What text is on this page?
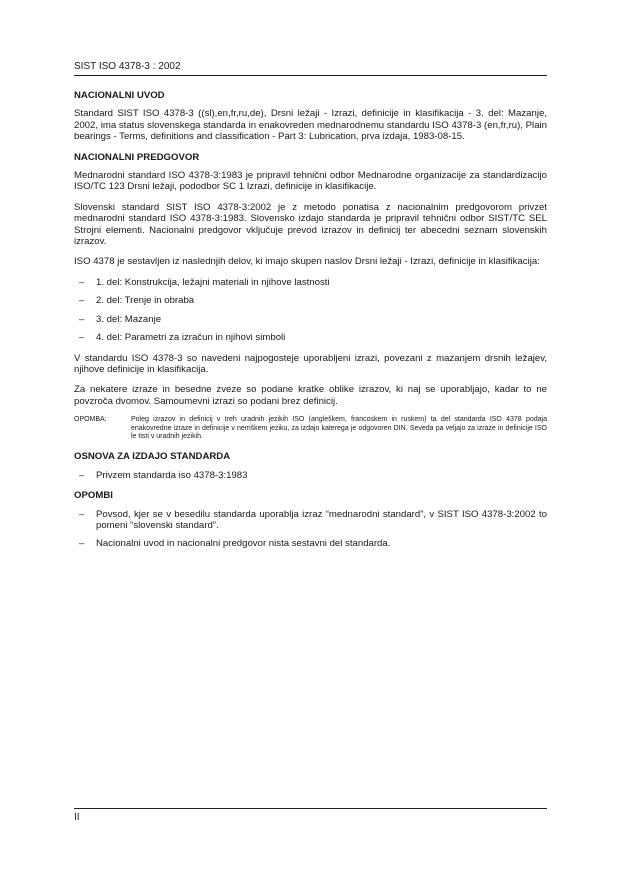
SIST ISO 4378-3 : 2002
NACIONALNI UVOD
Standard SIST ISO 4378-3 ((sl),en,fr,ru,de), Drsni ležaji - Izrazi, definicije in klasifikacija - 3. del: Mazanje, 2002, ima status slovenskega standarda in enakovreden mednarodnemu standardu ISO 4378-3 (en,fr,ru), Plain bearings - Terms, definitions and classification - Part 3: Lubrication, prva izdaja, 1983-08-15.
NACIONALNI PREDGOVOR
Mednarodni standard ISO 4378-3:1983 je pripravil tehnični odbor Mednarodne organizacije za standardizacijo ISO/TC 123 Drsni ležaji, pododbor SC 1 Izrazi, definicije in klasifikacije.
Slovenski standard SIST ISO 4378-3:2002 je z metodo ponatisa z nacionalnim predgovorom privzet mednarodni standard ISO 4378-3:1983. Slovensko izdajo standarda je pripravil tehnični odbor SIST/TC SEL Strojni elementi. Nacionalni predgovor vključuje prevod izrazov in definicij ter abecedni seznam slovenskih izrazov.
ISO 4378 je sestavljen iz naslednjih delov, ki imajo skupen naslov Drsni ležaji - Izrazi, definicije in klasifikacija:
– 1. del: Konstrukcija, ležajni materiali in njihove lastnosti
– 2. del: Trenje in obraba
– 3. del: Mazanje
– 4. del: Parametri za izračun in njihovi simboli
V standardu ISO 4378-3 so navedeni najpogosteje uporabljeni izrazi, povezani z mazanjem drsnih ležajev, njihove definicije in klasifikacija.
Za nekatere izraze in besedne zveze so podane kratke oblike izrazov, ki naj se uporabljajo, kadar to ne povzroča dvomov. Samoumevni izrazi so podani brez definicij.
OPOMBA:	Poleg izrazov in definicij v treh uradnih jezikih ISO (angleškem, francoskem in ruskem) ta del standarda ISO 4378 podaja enakovredne izraze in definicije v nemškem jeziku, za izdajo katerega je odgovoren DIN. Seveda pa veljajo za izraze in definicije ISO le tisti v uradnih jezikih.
OSNOVA ZA IZDAJO STANDARDA
– Privzem standarda iso 4378-3:1983
OPOMBI
– Povsod, kjer se v besedilu standarda uporablja izraz “mednarodni standard”, v SIST ISO 4378-3:2002 to pomeni “slovenski standard”.
– Nacionalni uvod in nacionalni predgovor nista sestavni del standarda.
II
